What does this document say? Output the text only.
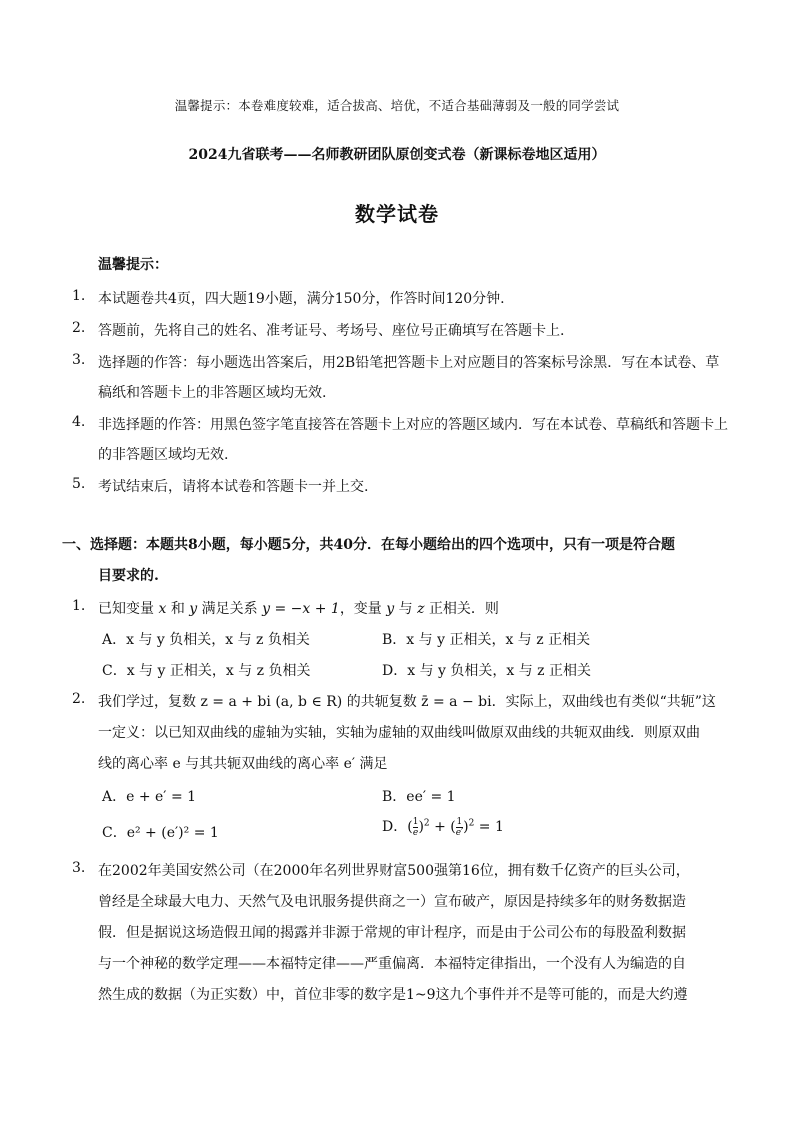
温馨提示：本卷难度较难，适合拔高、培优，不适合基础薄弱及一般的同学尝试
2024九省联考——名师教研团队原创变式卷（新课标卷地区适用）
数学试卷
温馨提示：
1. 本试题卷共4页，四大题19小题，满分150分，作答时间120分钟.
2. 答题前，先将自己的姓名、准考证号、考场号、座位号正确填写在答题卡上.
3. 选择题的作答：每小题选出答案后，用2B铅笔把答题卡上对应题目的答案标号涂黑．写在本试卷、草
稿纸和答题卡上的非答题区域均无效.
4. 非选择题的作答：用黑色签字笔直接答在答题卡上对应的答题区域内．写在本试卷、草稿纸和答题卡上
的非答题区域均无效.
5. 考试结束后，请将本试卷和答题卡一并上交.
一、选择题：本题共8小题，每小题5分，共40分．在每小题给出的四个选项中，只有一项是符合题
目要求的.
1. 已知变量 x 和 y 满足关系 y = −x + 1，变量 y 与 z 正相关．则
A．x 与 y 负相关，x 与 z 负相关	B．x 与 y 正相关，x 与 z 正相关
C．x 与 y 正相关，x 与 z 负相关	D．x 与 y 负相关，x 与 z 正相关
2. 我们学过，复数 z = a + bi (a, b ∈ R) 的共轭复数 z̄ = a − bi．实际上，双曲线也有类似“共轭”这
一定义：以已知双曲线的虚轴为实轴，实轴为虚轴的双曲线叫做原双曲线的共轭双曲线．则原双曲
线的离心率 e 与其共轭双曲线的离心率 e′ 满足
A．e + e′ = 1	B．ee′ = 1
C．e² + (e′)² = 1	D．( $\frac{1}{e} )^2$ + ( $\frac{1}{e'} )^2 = 1$
3. 在2002年美国安然公司（在2000年名列世界财富500强第16位，拥有数千亿资产的巨头公司，
曾经是全球最大电力、天然气及电讯服务提供商之一）宣布破产，原因是持续多年的财务数据造
假．但是据说这场造假丑闻的揭露并非源于常规的审计程序，而是由于公司公布的每股盈利数据
与一个神秘的数学定理——本福特定律——严重偏离．本福特定律指出，一个没有人为编造的自
然生成的数据（为正实数）中，首位非零的数字是1~9这九个事件并不是等可能的，而是大约遵
